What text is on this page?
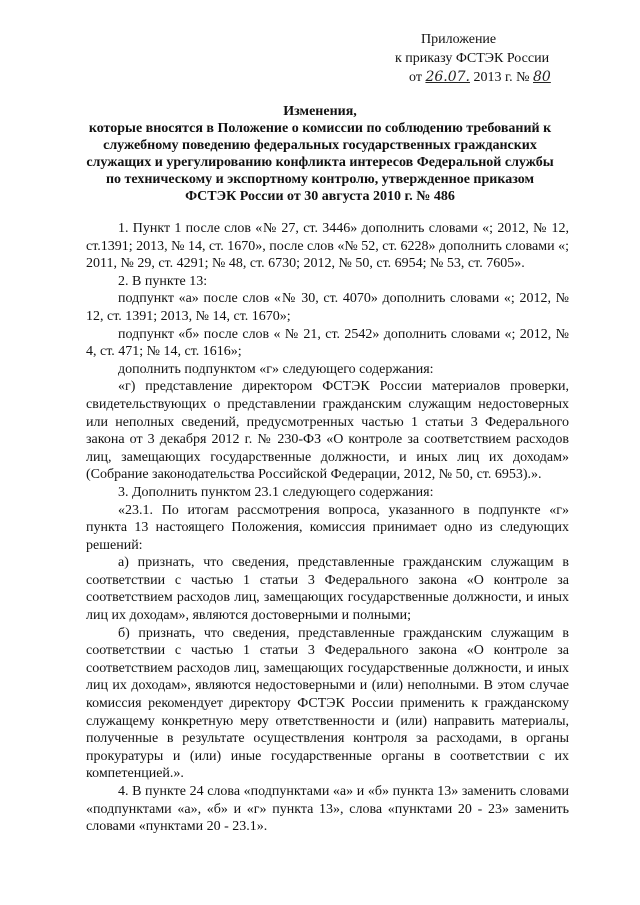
Приложение
к приказу ФСТЭК России
от 26.07. 2013 г. № 80
Изменения,
которые вносятся в Положение о комиссии по соблюдению требований к
служебному поведению федеральных государственных гражданских
служащих и урегулированию конфликта интересов Федеральной службы
по техническому и экспортному контролю, утвержденное приказом
ФСТЭК России от 30 августа 2010 г. № 486

1. Пункт 1 после слов «№ 27, ст. 3446» дополнить словами «; 2012, № 12, ст.1391; 2013, № 14, ст. 1670», после слов «№ 52, ст. 6228» дополнить словами «; 2011, № 29, ст. 4291; № 48, ст. 6730; 2012, № 50, ст. 6954; № 53, ст. 7605».

2. В пункте 13:

подпункт «а» после слов «№ 30, ст. 4070» дополнить словами «; 2012, № 12, ст. 1391; 2013, № 14, ст. 1670»;

подпункт «б» после слов « № 21, ст. 2542» дополнить словами «; 2012, № 4, ст. 471; № 14, ст. 1616»;

дополнить подпунктом «г» следующего содержания:

«г) представление директором ФСТЭК России материалов проверки, свидетельствующих о представлении гражданским служащим недостоверных или неполных сведений, предусмотренных частью 1 статьи 3 Федерального закона от 3 декабря 2012 г. № 230-ФЗ «О контроле за соответствием расходов лиц, замещающих государственные должности, и иных лиц их доходам» (Собрание законодательства Российской Федерации, 2012, № 50, ст. 6953).».

3. Дополнить пунктом 23.1 следующего содержания:

«23.1. По итогам рассмотрения вопроса, указанного в подпункте «г» пункта 13 настоящего Положения, комиссия принимает одно из следующих решений:

а) признать, что сведения, представленные гражданским служащим в соответствии с частью 1 статьи 3 Федерального закона «О контроле за соответствием расходов лиц, замещающих государственные должности, и иных лиц их доходам», являются достоверными и полными;

б) признать, что сведения, представленные гражданским служащим в соответствии с частью 1 статьи 3 Федерального закона «О контроле за соответствием расходов лиц, замещающих государственные должности, и иных лиц их доходам», являются недостоверными и (или) неполными. В этом случае комиссия рекомендует директору ФСТЭК России применить к гражданскому служащему конкретную меру ответственности и (или) направить материалы, полученные в результате осуществления контроля за расходами, в органы прокуратуры и (или) иные государственные органы в соответствии с их компетенцией.».

4. В пункте 24 слова «подпунктами «а» и «б» пункта 13» заменить словами «подпунктами «а», «б» и «г» пункта 13», слова «пунктами 20 - 23» заменить словами «пунктами 20 - 23.1».
